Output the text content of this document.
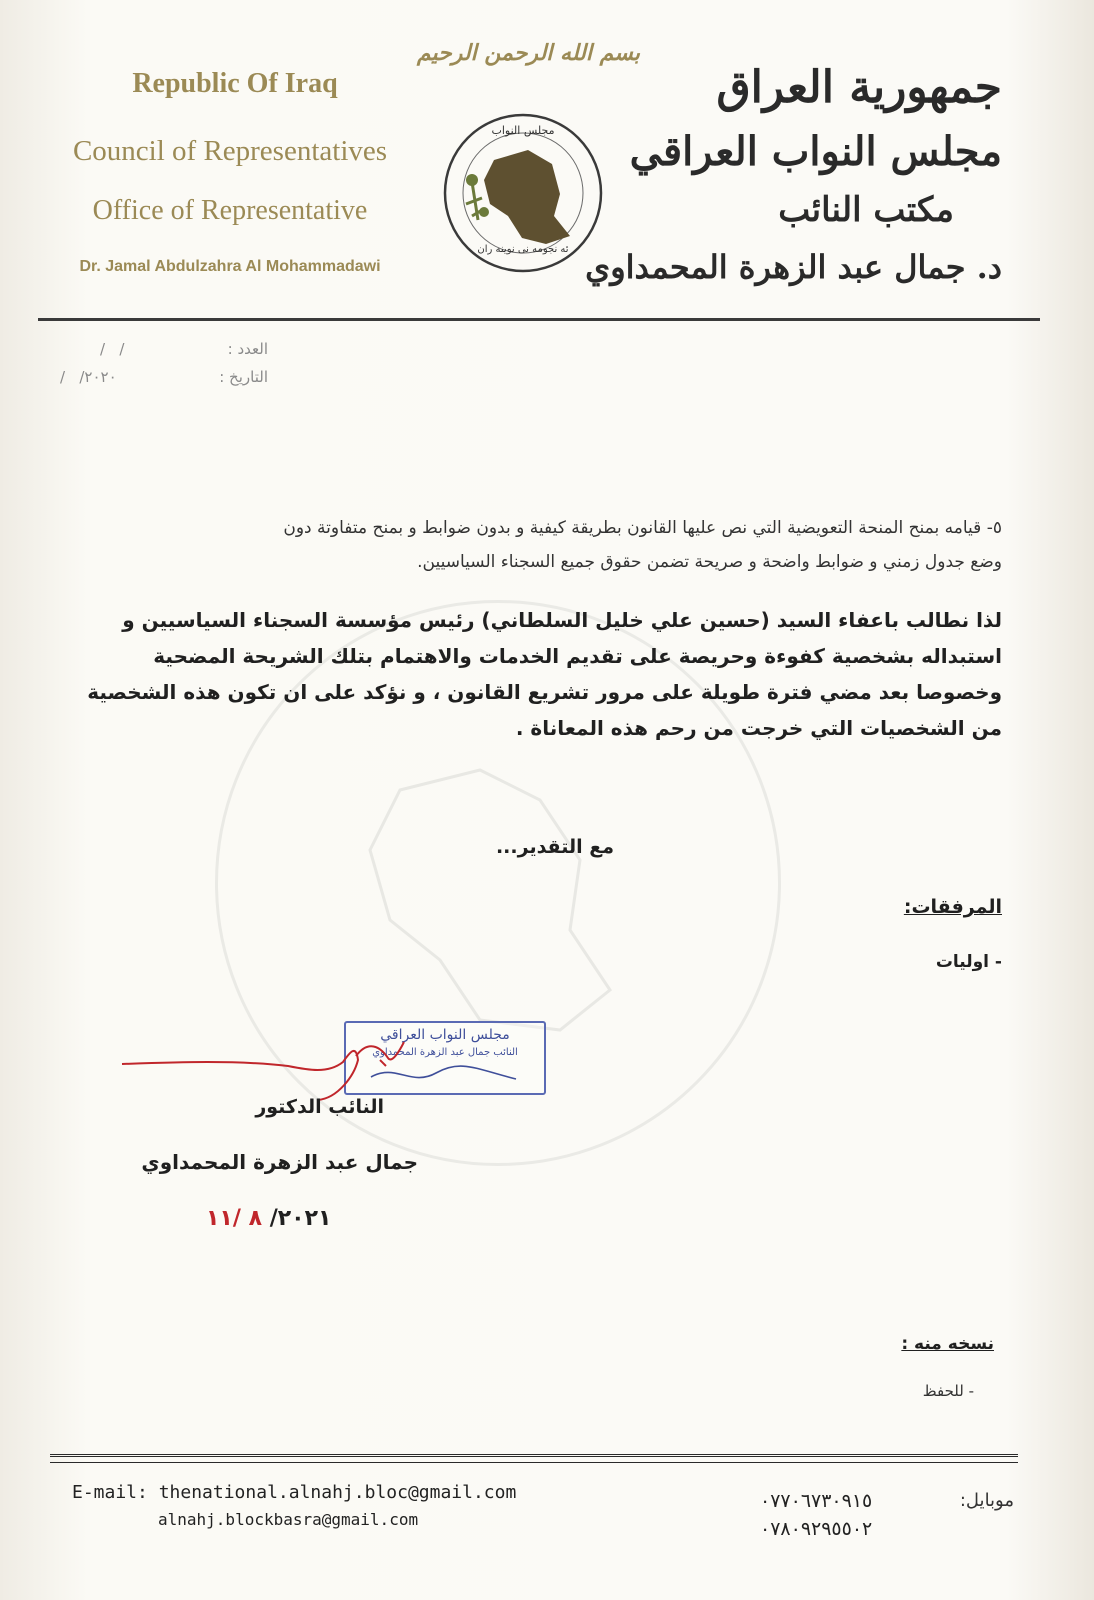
Republic Of Iraq
Council of Representatives
Office of Representative
Dr. Jamal Abdulzahra Al Mohammadawi
بسم الله الرحمن الرحيم
مجلس النواب
ئه نجومه نى نوينه ران
جمهورية العراق
مجلس النواب العراقي
مكتب النائب
د. جمال عبد الزهرة المحمداوي
العدد :
/   /
التاريخ :
/   /٢٠٢٠
٥- قيامه بمنح المنحة التعويضية التي نص عليها القانون بطريقة كيفية و بدون ضوابط و بمنح متفاوتة دون
وضع جدول زمني و ضوابط واضحة و صريحة تضمن حقوق جميع السجناء السياسيين.
لذا نطالب باعفاء السيد (حسين علي خليل السلطاني) رئيس مؤسسة السجناء السياسيين و
استبداله بشخصية كفوءة وحريصة على تقديم الخدمات والاهتمام بتلك الشريحة المضحية
وخصوصا بعد مضي فترة طويلة على مرور تشريع القانون ، و نؤكد على ان تكون هذه الشخصية
من الشخصيات التي خرجت من رحم هذه المعاناة .
مع التقدير...
المرفقات:
- اوليات
مجلس النواب العراقي
النائب جمال عبد الزهرة المحمداوي
النائب الدكتور
جمال عبد الزهرة المحمداوي
٢٠٢١/ ٨ /١١
نسخه منه :
- للحفظ
E-mail: thenational.alnahj.bloc@gmail.com
alnahj.blockbasra@gmail.com
موبايل:
٠٧٧٠٦٧٣٠٩١٥
٠٧٨٠٩٢٩٥٥٠٢
